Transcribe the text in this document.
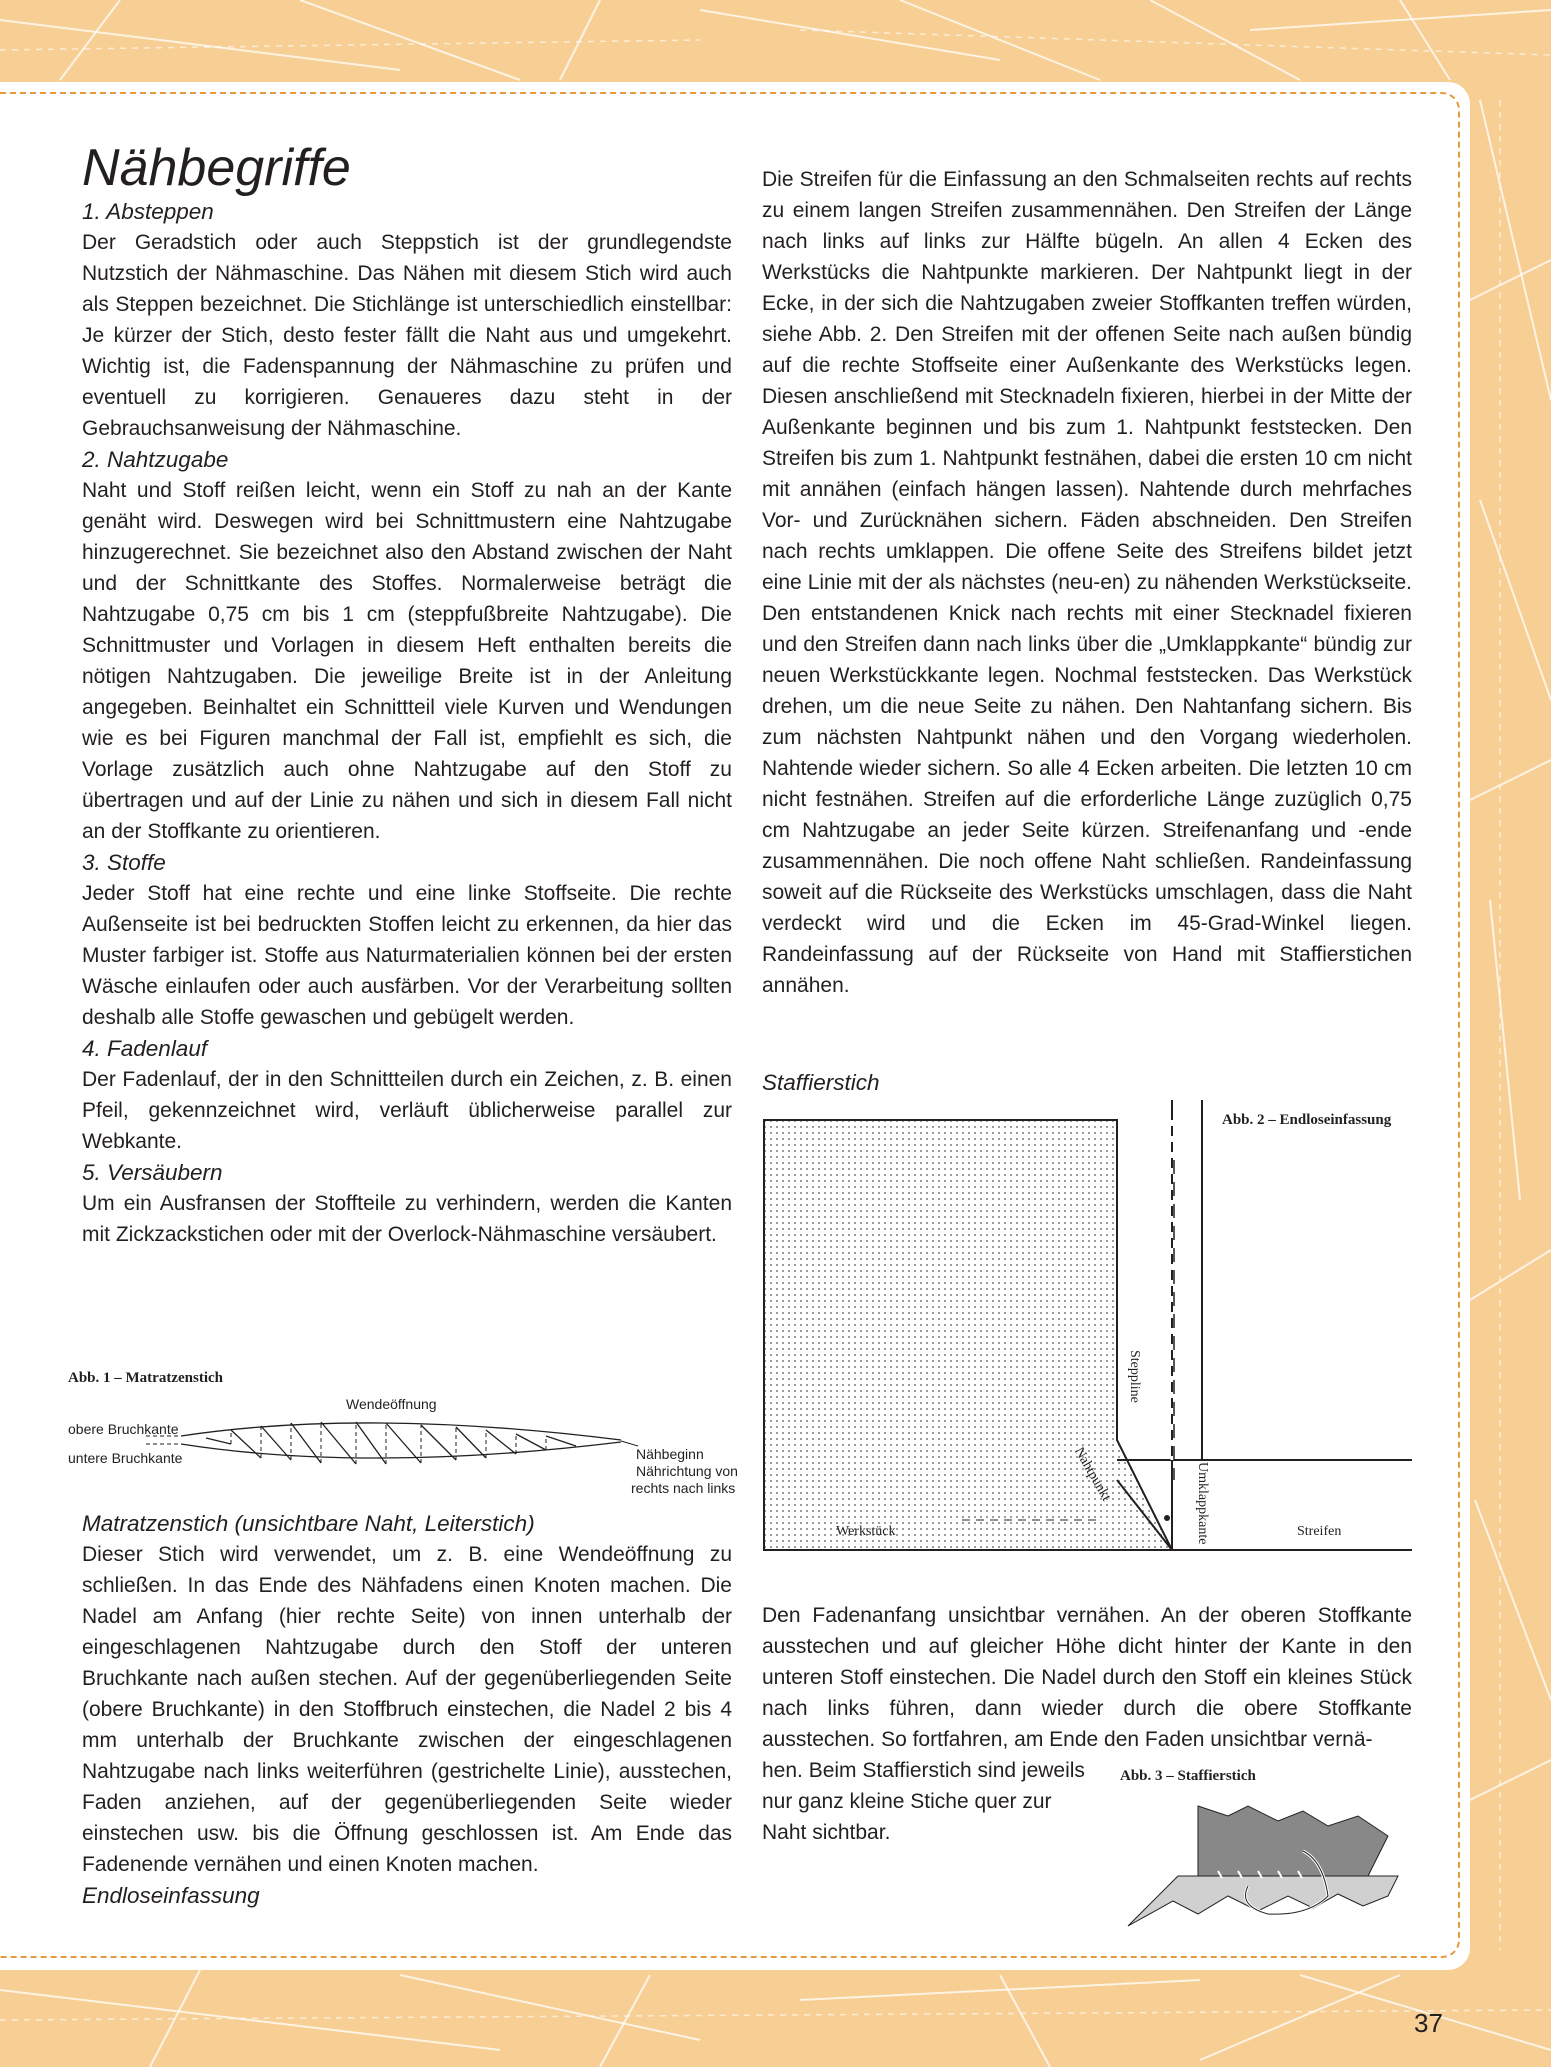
Nähbegriffe
1. Absteppen

Der Geradstich oder auch Steppstich ist der grundlegendste Nutzstich der Nähmaschine. Das Nähen mit diesem Stich wird auch als Steppen bezeichnet. Die Stichlänge ist unterschiedlich einstellbar: Je kürzer der Stich, desto fester fällt die Naht aus und umgekehrt. Wichtig ist, die Fadenspannung der Nähmaschine zu prüfen und eventuell zu korrigieren. Genaueres dazu steht in der Gebrauchsanweisung der Nähmaschine.

2. Nahtzugabe

Naht und Stoff reißen leicht, wenn ein Stoff zu nah an der Kante genäht wird. Deswegen wird bei Schnittmustern eine Nahtzugabe hinzugerechnet. Sie bezeichnet also den Abstand zwischen der Naht und der Schnittkante des Stoffes. Normalerweise beträgt die Nahtzugabe 0,75 cm bis 1 cm (steppfußbreite Nahtzugabe). Die Schnittmuster und Vorlagen in diesem Heft enthalten bereits die nötigen Nahtzugaben. Die jeweilige Breite ist in der Anleitung angegeben. Beinhaltet ein Schnittteil viele Kurven und Wendungen wie es bei Figuren manchmal der Fall ist, empfiehlt es sich, die Vorlage zusätzlich auch ohne Nahtzugabe auf den Stoff zu übertragen und auf der Linie zu nähen und sich in diesem Fall nicht an der Stoffkante zu orientieren.

3. Stoffe

Jeder Stoff hat eine rechte und eine linke Stoffseite. Die rechte Außenseite ist bei bedruckten Stoffen leicht zu erkennen, da hier das Muster farbiger ist. Stoffe aus Naturmaterialien können bei der ersten Wäsche einlaufen oder auch ausfärben. Vor der Verarbeitung sollten deshalb alle Stoffe gewaschen und gebügelt werden.

4. Fadenlauf

Der Fadenlauf, der in den Schnittteilen durch ein Zeichen, z. B. einen Pfeil, gekennzeichnet wird, verläuft üblicherweise parallel zur Webkante.

5. Versäubern

Um ein Ausfransen der Stoffteile zu verhindern, werden die Kanten mit Zickzackstichen oder mit der Overlock-Nähmaschine versäubert.

Abb. 1 – Matratzenstich
Wendeöffnung
obere Bruchkante
untere Bruchkante	Nähbeginn
Nährichtung von
rechts nach links
Matratzenstich (unsichtbare Naht, Leiterstich)

Dieser Stich wird verwendet, um z. B. eine Wendeöffnung zu schließen. In das Ende des Nähfadens einen Knoten machen. Die Nadel am Anfang (hier rechte Seite) von innen unterhalb der eingeschlagenen Nahtzugabe durch den Stoff der unteren Bruchkante nach außen stechen. Auf der gegenüberliegenden Seite (obere Bruchkante) in den Stoffbruch einstechen, die Nadel 2 bis 4 mm unterhalb der Bruchkante zwischen der eingeschlagenen Nahtzugabe nach links weiterführen (gestrichelte Linie), ausstechen, Faden anziehen, auf der gegenüberliegenden Seite wieder einstechen usw. bis die Öffnung geschlossen ist. Am Ende das Fadenende vernähen und einen Knoten machen.

Endloseinfassung

Die Streifen für die Einfassung an den Schmalseiten rechts auf rechts zu einem langen Streifen zusammennähen. Den Streifen der Länge nach links auf links zur Hälfte bügeln. An allen 4 Ecken des Werkstücks die Nahtpunkte markieren. Der Nahtpunkt liegt in der Ecke, in der sich die Nahtzugaben zweier Stoffkanten treffen würden, siehe Abb. 2. Den Streifen mit der offenen Seite nach außen bündig auf die rechte Stoffseite einer Außenkante des Werkstücks legen. Diesen anschließend mit Stecknadeln fixieren, hierbei in der Mitte der Außenkante beginnen und bis zum 1. Nahtpunkt feststecken. Den Streifen bis zum 1. Nahtpunkt festnähen, dabei die ersten 10 cm nicht mit annähen (einfach hängen lassen). Nahtende durch mehrfaches Vor- und Zurücknähen sichern. Fäden abschneiden. Den Streifen nach rechts umklappen. Die offene Seite des Streifens bildet jetzt eine Linie mit der als nächstes (neu-en) zu nähenden Werkstückseite. Den entstandenen Knick nach rechts mit einer Stecknadel fixieren und den Streifen dann nach links über die „Umklappkante“ bündig zur neuen Werkstückkante legen. Nochmal feststecken. Das Werkstück drehen, um die neue Seite zu nähen. Den Nahtanfang sichern. Bis zum nächsten Nahtpunkt nähen und den Vorgang wiederholen. Nahtende wieder sichern. So alle 4 Ecken arbeiten. Die letzten 10 cm nicht festnähen. Streifen auf die erforderliche Länge zuzüglich 0,75 cm Nahtzugabe an jeder Seite kürzen. Streifenanfang und -ende zusammennähen. Die noch offene Naht schließen. Randeinfassung soweit auf die Rückseite des Werkstücks umschlagen, dass die Naht verdeckt wird und die Ecken im 45-Grad-Winkel liegen. Randeinfassung auf der Rückseite von Hand mit Staffierstichen annähen.

Staffierstich
Abb. 2 – Endloseinfassung
Steppline
Nahtpunkt	Umklappkante
Werkstück	Streifen

Den Fadenanfang unsichtbar vernähen. An der oberen Stoffkante ausstechen und auf gleicher Höhe dicht hinter der Kante in den unteren Stoff einstechen. Die Nadel durch den Stoff ein kleines Stück nach links führen, dann wieder durch die obere Stoffkante ausstechen. So fortfahren, am Ende den Faden unsichtbar vernä-

hen. Beim Staffierstich sind jeweils nur ganz kleine Stiche quer zur Naht sichtbar.

Abb. 3 – Staffierstich
37
